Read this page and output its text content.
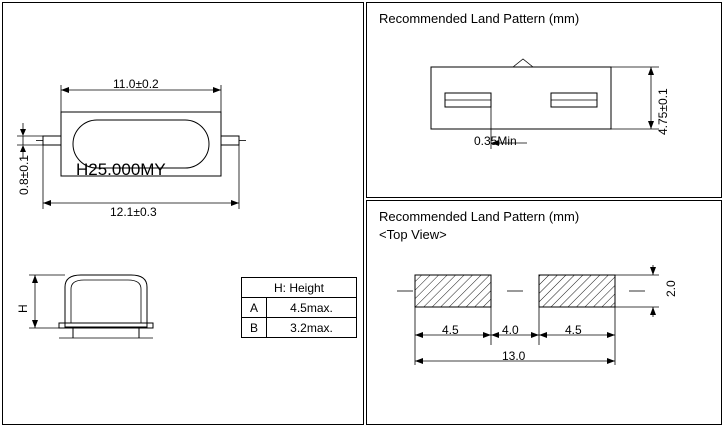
11.0±0.2
12.1±0.3
0.8±0.1	H25.000MY
H
H: Height	
A	4.5max.
B	3.2max.
Recommended Land Pattern (mm)
4.75±0.1
0.35Min
Recommended Land Pattern (mm)
<Top View>
4.5	4.0	4.5
13.0
2.0
